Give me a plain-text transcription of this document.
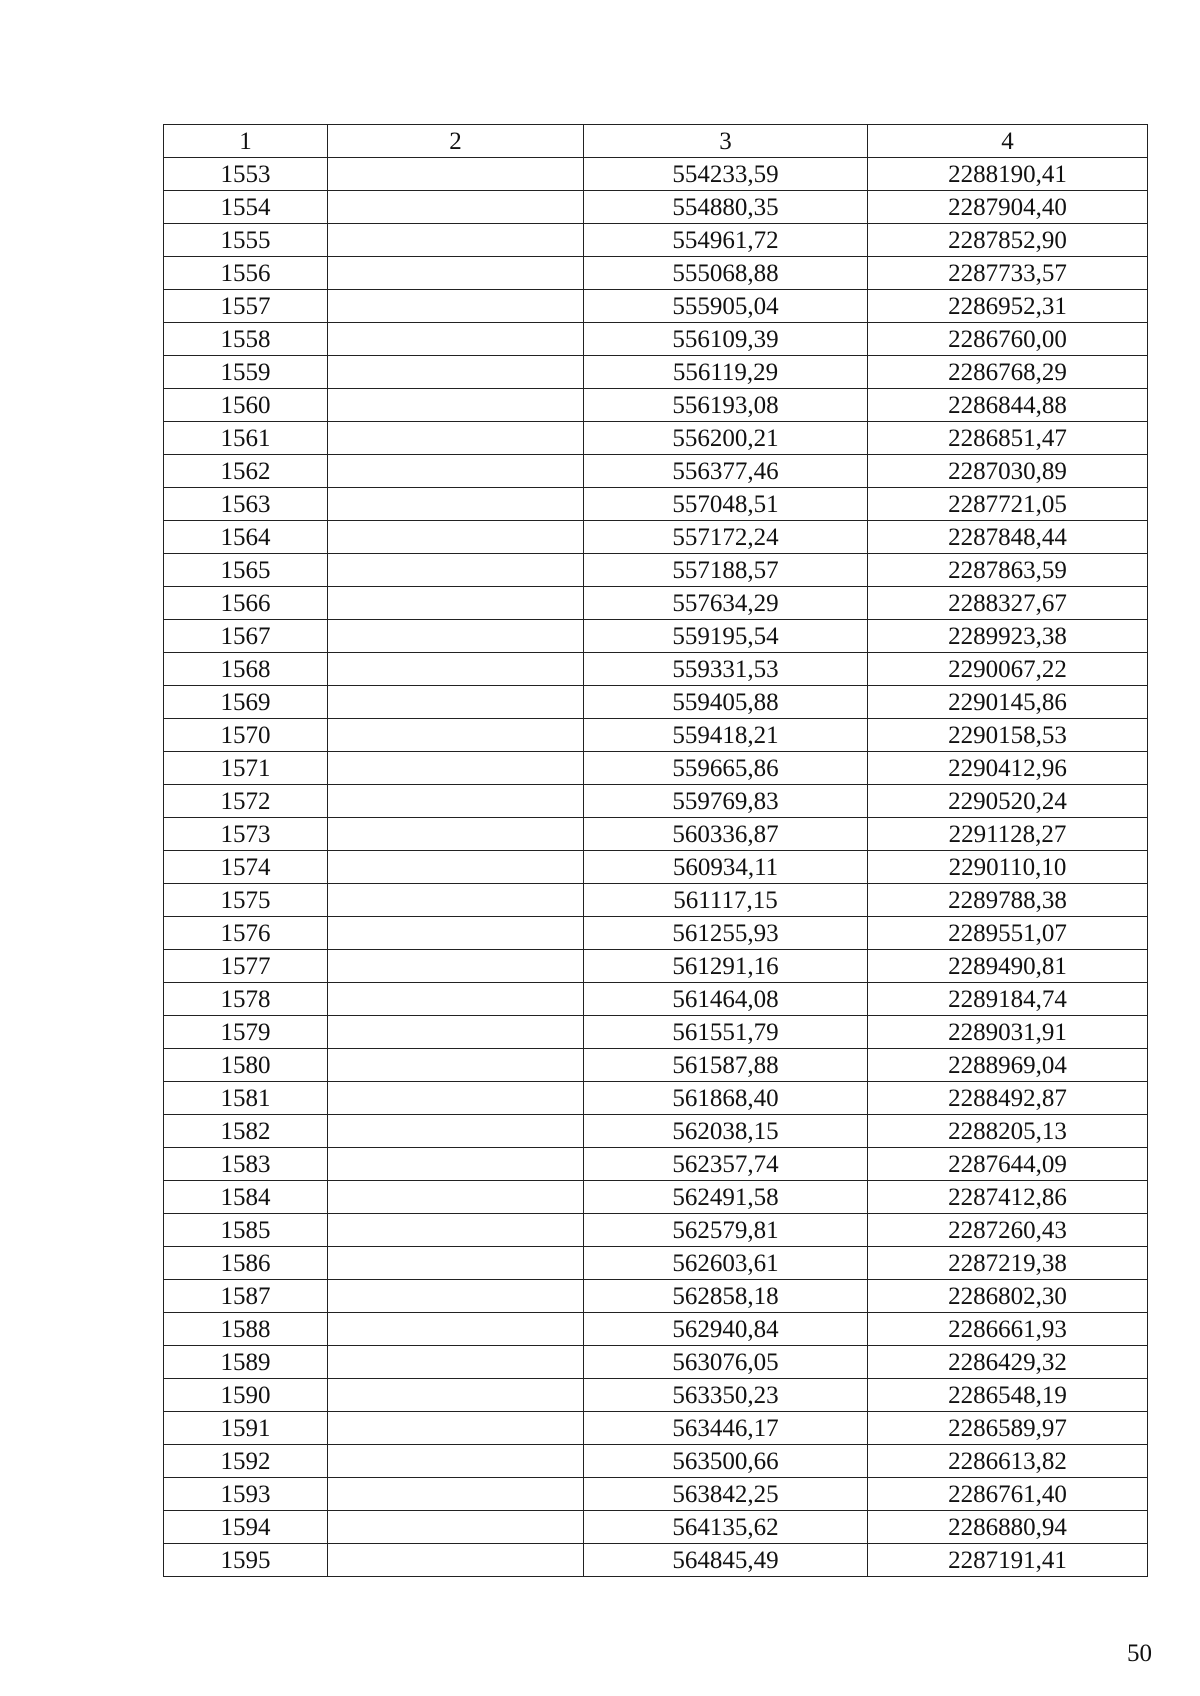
1	2	3	4
1553		554233,59	2288190,41
1554		554880,35	2287904,40
1555		554961,72	2287852,90
1556		555068,88	2287733,57
1557		555905,04	2286952,31
1558		556109,39	2286760,00
1559		556119,29	2286768,29
1560		556193,08	2286844,88
1561		556200,21	2286851,47
1562		556377,46	2287030,89
1563		557048,51	2287721,05
1564		557172,24	2287848,44
1565		557188,57	2287863,59
1566		557634,29	2288327,67
1567		559195,54	2289923,38
1568		559331,53	2290067,22
1569		559405,88	2290145,86
1570		559418,21	2290158,53
1571		559665,86	2290412,96
1572		559769,83	2290520,24
1573		560336,87	2291128,27
1574		560934,11	2290110,10
1575		561117,15	2289788,38
1576		561255,93	2289551,07
1577		561291,16	2289490,81
1578		561464,08	2289184,74
1579		561551,79	2289031,91
1580		561587,88	2288969,04
1581		561868,40	2288492,87
1582		562038,15	2288205,13
1583		562357,74	2287644,09
1584		562491,58	2287412,86
1585		562579,81	2287260,43
1586		562603,61	2287219,38
1587		562858,18	2286802,30
1588		562940,84	2286661,93
1589		563076,05	2286429,32
1590		563350,23	2286548,19
1591		563446,17	2286589,97
1592		563500,66	2286613,82
1593		563842,25	2286761,40
1594		564135,62	2286880,94
1595		564845,49	2287191,41
50
